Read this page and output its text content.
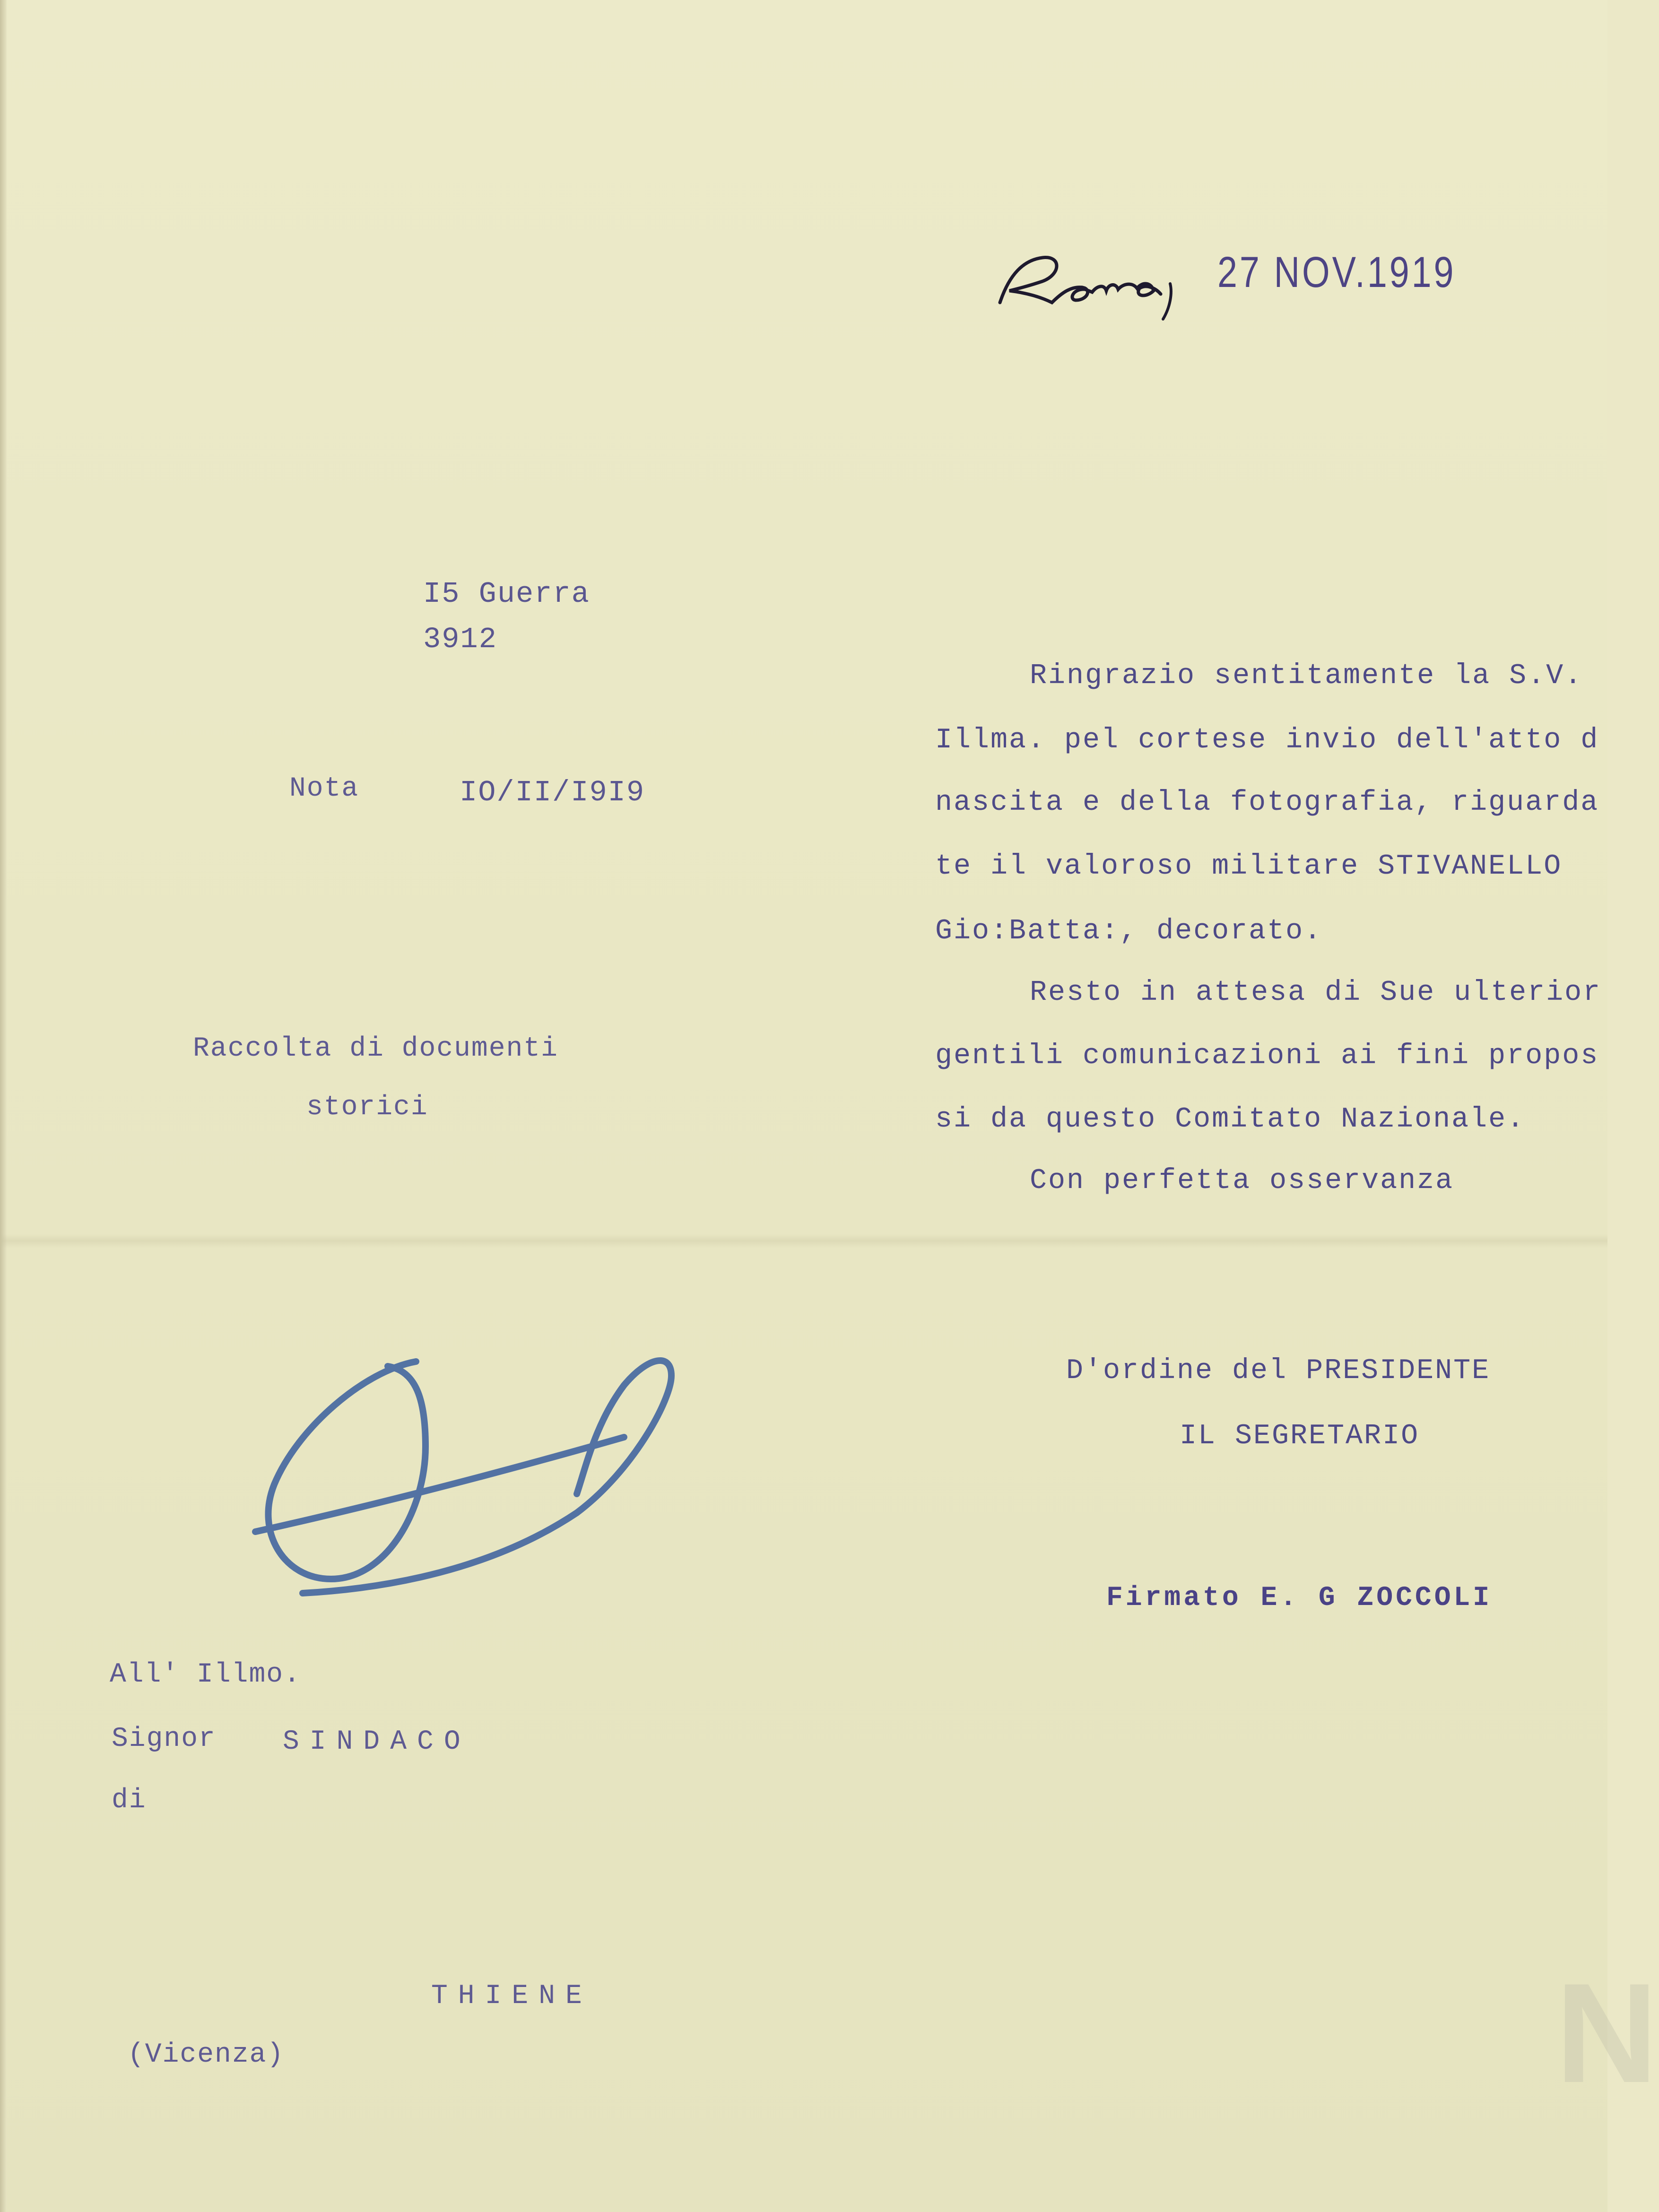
27 NOV.1919
I5 Guerra
3912
Nota	IO/II/I9I9
Raccolta di documenti
storici
Ringrazio sentitamente la S.V.
Illma. pel cortese invio dell'atto d
nascita e della fotografia, riguarda
te il valoroso militare STIVANELLO
Gio:Batta:, decorato.
Resto in attesa di Sue ulterior
gentili comunicazioni ai fini propos
si da questo Comitato Nazionale.
Con perfetta osservanza
D'ordine del PRESIDENTE
IL SEGRETARIO
Firmato E. G ZOCCOLI
All' Illmo.
Signor SINDACO
di
THIENE
(Vicenza)	N
